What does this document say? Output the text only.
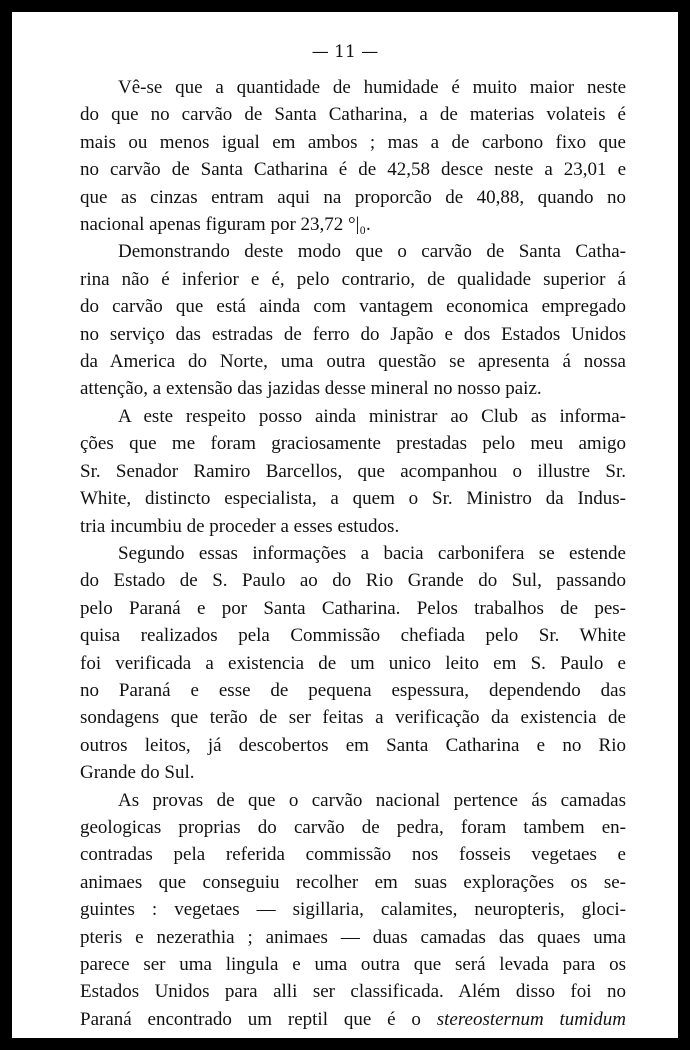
— 11 —

Vê-se que a quantidade de humidade é muito maior neste
do que no carvão de Santa Catharina, a de materias volateis é
mais ou menos igual em ambos ; mas a de carbono fixo que
no carvão de Santa Catharina é de 42,58 desce neste a 23,01 e
que as cinzas entram aqui na proporcão de 40,88, quando no
nacional apenas figuram por 23,72 °|₀.

Demonstrando deste modo que o carvão de Santa Catha-
rina não é inferior e é, pelo contrario, de qualidade superior á
do carvão que está ainda com vantagem economica empregado
no serviço das estradas de ferro do Japão e dos Estados Unidos
da America do Norte, uma outra questão se apresenta á nossa
attenção, a extensão das jazidas desse mineral no nosso paiz.

A este respeito posso ainda ministrar ao Club as informa-
ções que me foram graciosamente prestadas pelo meu amigo
Sr. Senador Ramiro Barcellos, que acompanhou o illustre Sr.
White, distincto especialista, a quem o Sr. Ministro da Indus-
tria incumbiu de proceder a esses estudos.

Segundo essas informações a bacia carbonifera se estende
do Estado de S. Paulo ao do Rio Grande do Sul, passando
pelo Paraná e por Santa Catharina. Pelos trabalhos de pes-
quisa realizados pela Commissão chefiada pelo Sr. White
foi verificada a existencia de um unico leito em S. Paulo e
no Paraná e esse de pequena espessura, dependendo das
sondagens que terão de ser feitas a verificação da existencia de
outros leitos, já descobertos em Santa Catharina e no Rio
Grande do Sul.

As provas de que o carvão nacional pertence ás camadas
geologicas proprias do carvão de pedra, foram tambem en-
contradas pela referida commissão nos fosseis vegetaes e
animaes que conseguiu recolher em suas explorações os se-
guintes : vegetaes — sigillaria, calamites, neuropteris, gloci-
pteris e nezerathia ; animaes — duas camadas das quaes uma
parece ser uma lingula e uma outra que será levada para os
Estados Unidos para alli ser classificada. Além disso foi no
Paraná encontrado um reptil que é o stereosternum tumidum
